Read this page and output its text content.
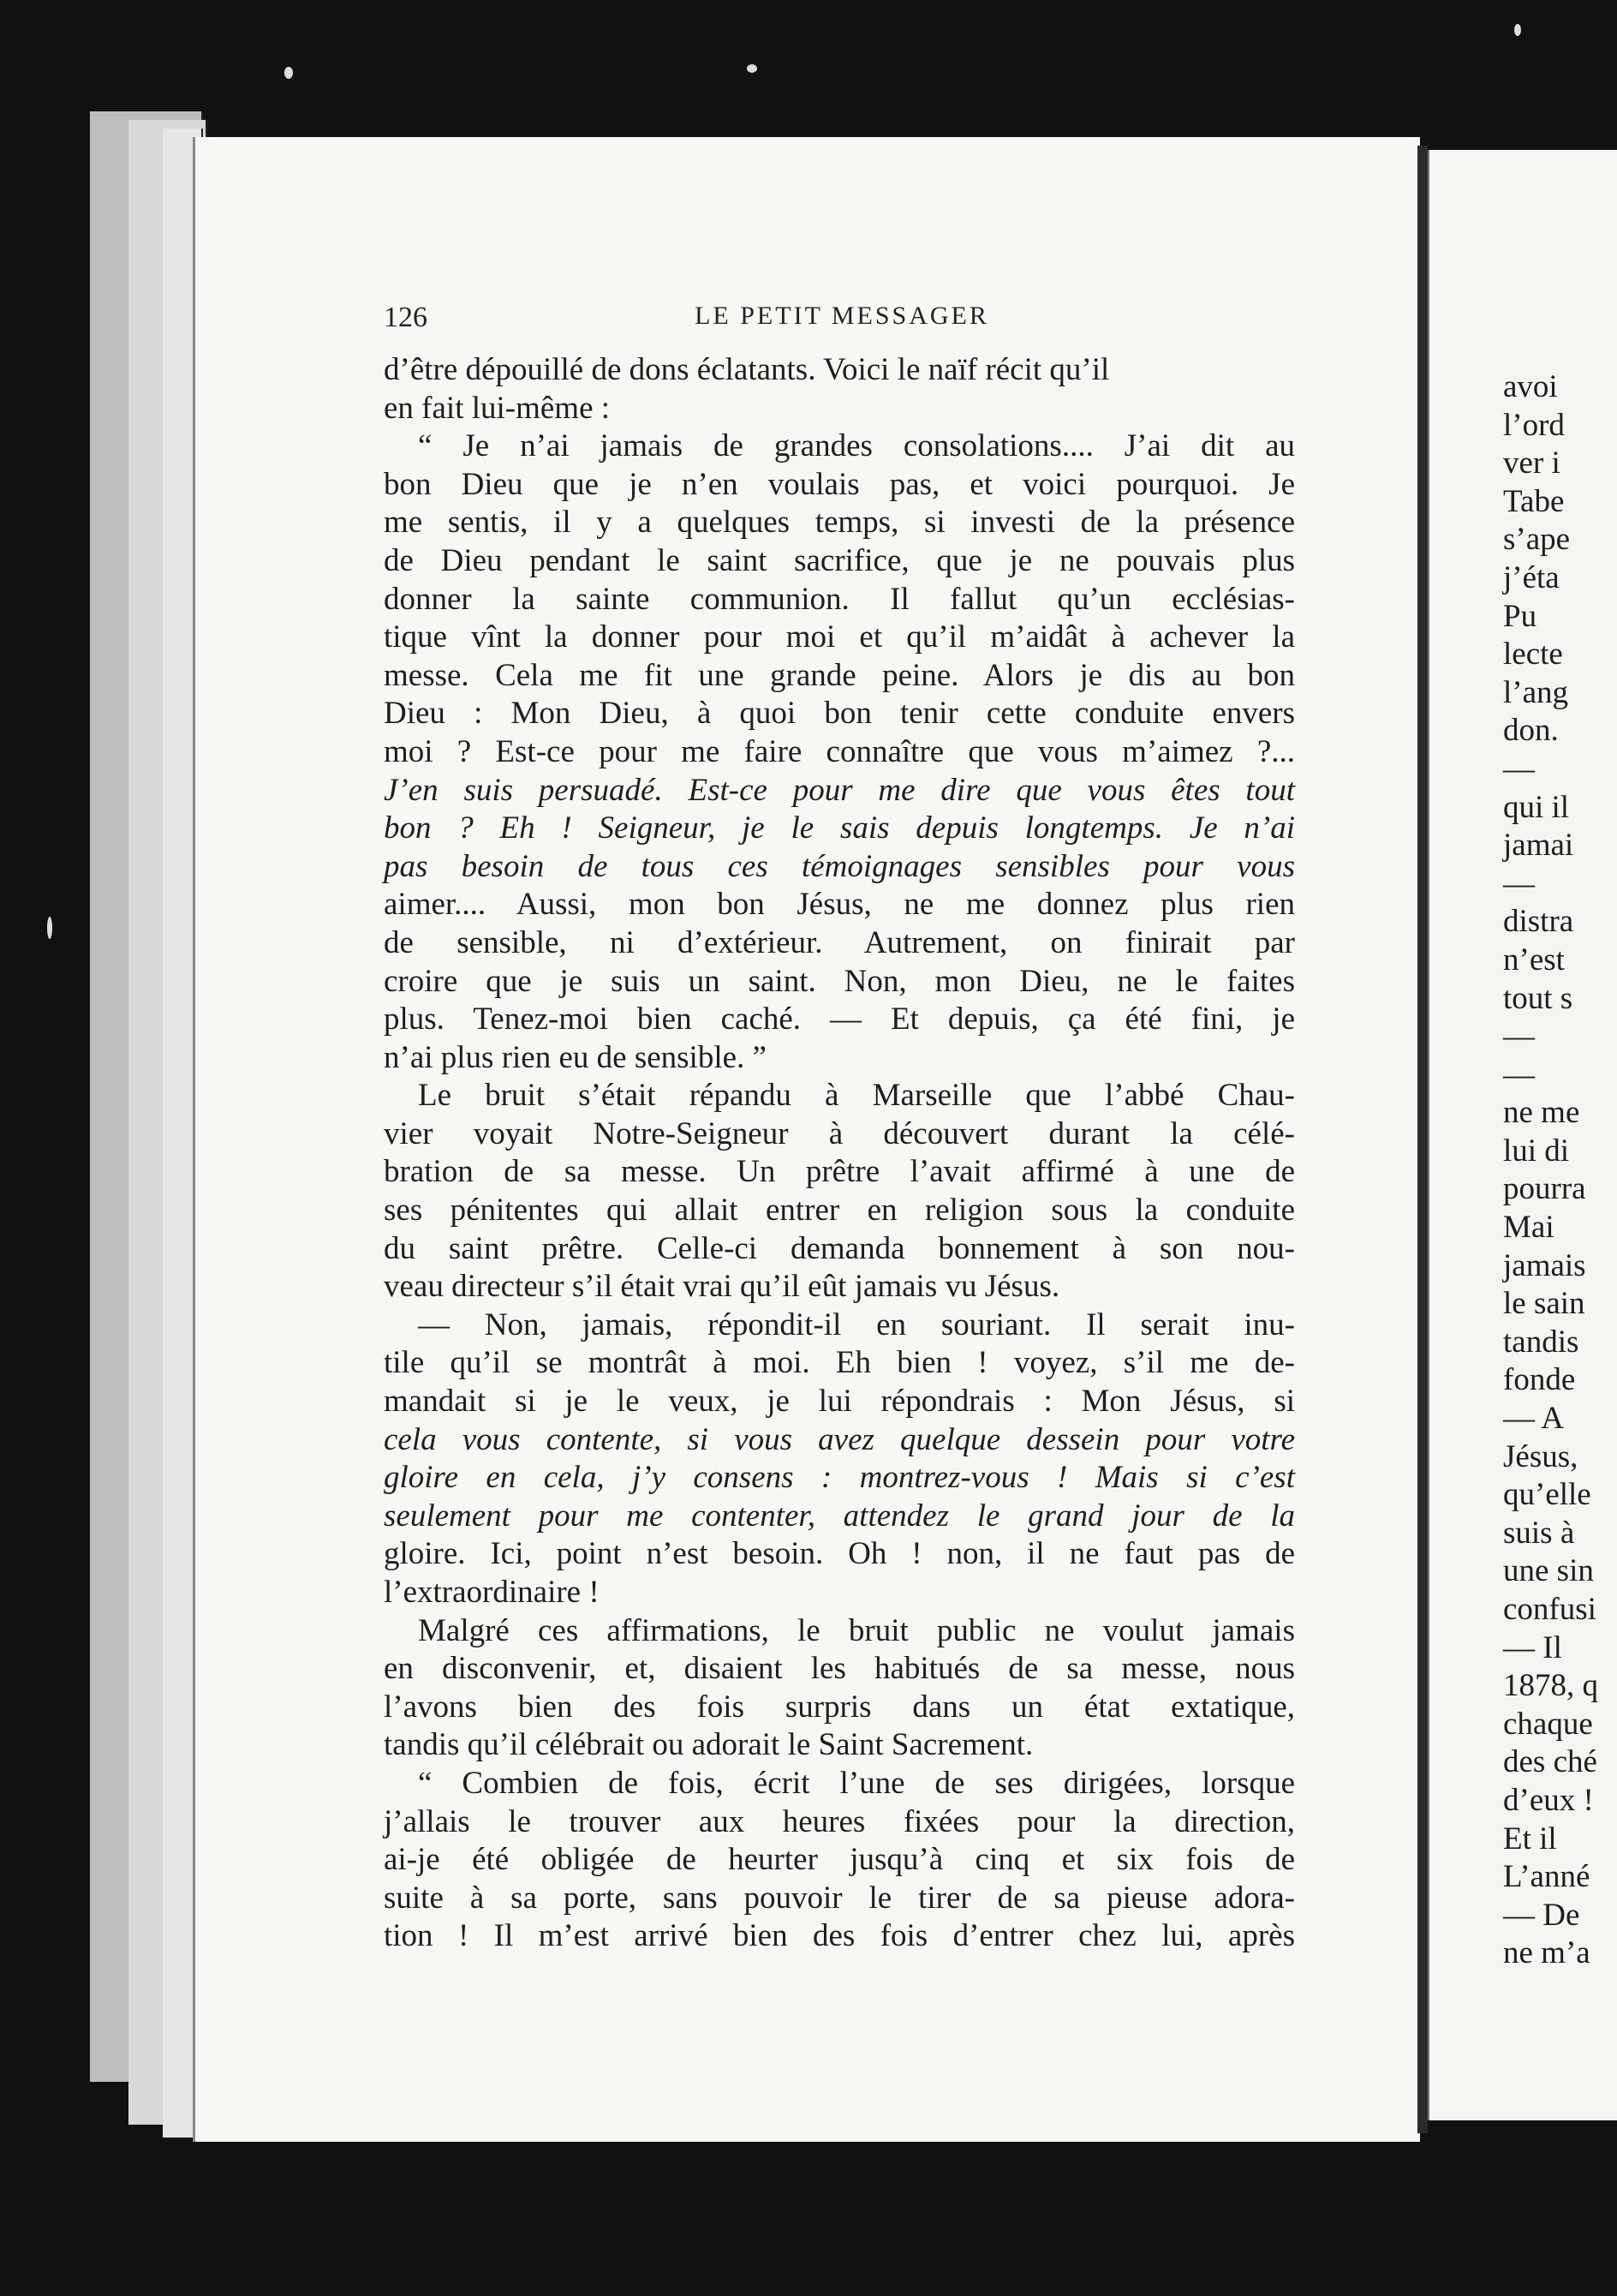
126	LE PETIT MESSAGER

d’être dépouillé de dons éclatants. Voici le naïf récit qu’il

en fait lui-même :

“ Je n’ai jamais de grandes consolations.... J’ai dit au

bon Dieu que je n’en voulais pas, et voici pourquoi. Je

me sentis, il y a quelques temps, si investi de la présence

de Dieu pendant le saint sacrifice, que je ne pouvais plus

donner la sainte communion. Il fallut qu’un ecclésias-

tique vînt la donner pour moi et qu’il m’aidât à achever la

messe. Cela me fit une grande peine. Alors je dis au bon

Dieu : Mon Dieu, à quoi bon tenir cette conduite envers

moi ? Est-ce pour me faire connaître que vous m’aimez ?...

J’en suis persuadé. Est-ce pour me dire que vous êtes tout

bon ? Eh ! Seigneur, je le sais depuis longtemps. Je n’ai

pas besoin de tous ces témoignages sensibles pour vous

aimer.... Aussi, mon bon Jésus, ne me donnez plus rien

de sensible, ni d’extérieur. Autrement, on finirait par

croire que je suis un saint. Non, mon Dieu, ne le faites

plus. Tenez-moi bien caché. — Et depuis, ça été fini, je

n’ai plus rien eu de sensible. ”

Le bruit s’était répandu à Marseille que l’abbé Chau-

vier voyait Notre-Seigneur à découvert durant la célé-

bration de sa messe. Un prêtre l’avait affirmé à une de

ses pénitentes qui allait entrer en religion sous la conduite

du saint prêtre. Celle-ci demanda bonnement à son nou-

veau directeur s’il était vrai qu’il eût jamais vu Jésus.

— Non, jamais, répondit-il en souriant. Il serait inu-

tile qu’il se montrât à moi. Eh bien ! voyez, s’il me de-

mandait si je le veux, je lui répondrais : Mon Jésus, si

cela vous contente, si vous avez quelque dessein pour votre

gloire en cela, j’y consens : montrez-vous ! Mais si c’est

seulement pour me contenter, attendez le grand jour de la

gloire. Ici, point n’est besoin. Oh ! non, il ne faut pas de

l’extraordinaire !

Malgré ces affirmations, le bruit public ne voulut jamais

en disconvenir, et, disaient les habitués de sa messe, nous

l’avons bien des fois surpris dans un état extatique,

tandis qu’il célébrait ou adorait le Saint Sacrement.

“ Combien de fois, écrit l’une de ses dirigées, lorsque

j’allais le trouver aux heures fixées pour la direction,

ai-je été obligée de heurter jusqu’à cinq et six fois de

suite à sa porte, sans pouvoir le tirer de sa pieuse adora-

tion ! Il m’est arrivé bien des fois d’entrer chez lui, après

avoi
l’ord
ver i
Tabe
s’ape
j’éta
Pu
lecte
l’ang
don.
—
qui il
jamai
—
distra
n’est
tout s
—
—
ne me
lui di
pourra
Mai
jamais
le sain
tandis
fonde
— A
Jésus,
qu’elle
suis à
une sin
confusi
— Il
1878, q
chaque
des ché
d’eux !
Et il
L’anné
— De
ne m’a
